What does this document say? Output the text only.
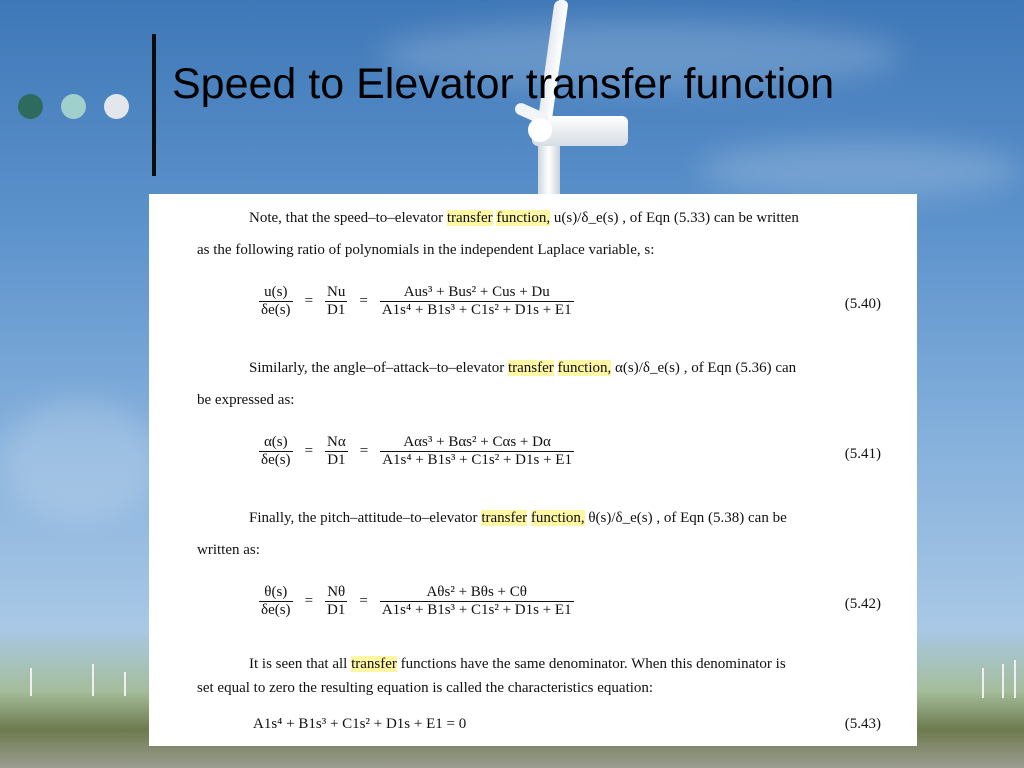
Speed to Elevator transfer function

Note, that the speed–to–elevator transfer function, u(s)/δ_e(s) , of Eqn (5.33) can be written
as the following ratio of polynomials in the independent Laplace variable, s:

$\frac{u(s)}{\delta e(s)} = \frac{Nu}{D1} = \frac{\text{Aus³ + Bus² + Cus + Du}}{\text{A1s⁴ + B1s³ + C1s² + D1s + E1}}$	(5.40)

Similarly, the angle–of–attack–to–elevator transfer function, α(s)/δ_e(s) , of Eqn (5.36) can
be expressed as:

$\frac{\alpha(s)}{\delta e(s)} = \frac{N\alpha}{D1} = \frac{\text{Aαs³ + Bαs² + Cαs + Dα}}{\text{A1s⁴ + B1s³ + C1s² + D1s + E1}}$	(5.41)

Finally, the pitch–attitude–to–elevator transfer function, θ(s)/δ_e(s) , of Eqn (5.38) can be
written as:

$\frac{\theta(s)}{\delta e(s)} = \frac{N\theta}{D1} = \frac{\text{Aθs² + Bθs + Cθ}}{\text{A1s⁴ + B1s³ + C1s² + D1s + E1}}$	(5.42)

It is seen that all transfer functions have the same denominator. When this denominator is
set equal to zero the resulting equation is called the characteristics equation:

A1s⁴ + B1s³ + C1s² + D1s + E1 = 0	(5.43)
